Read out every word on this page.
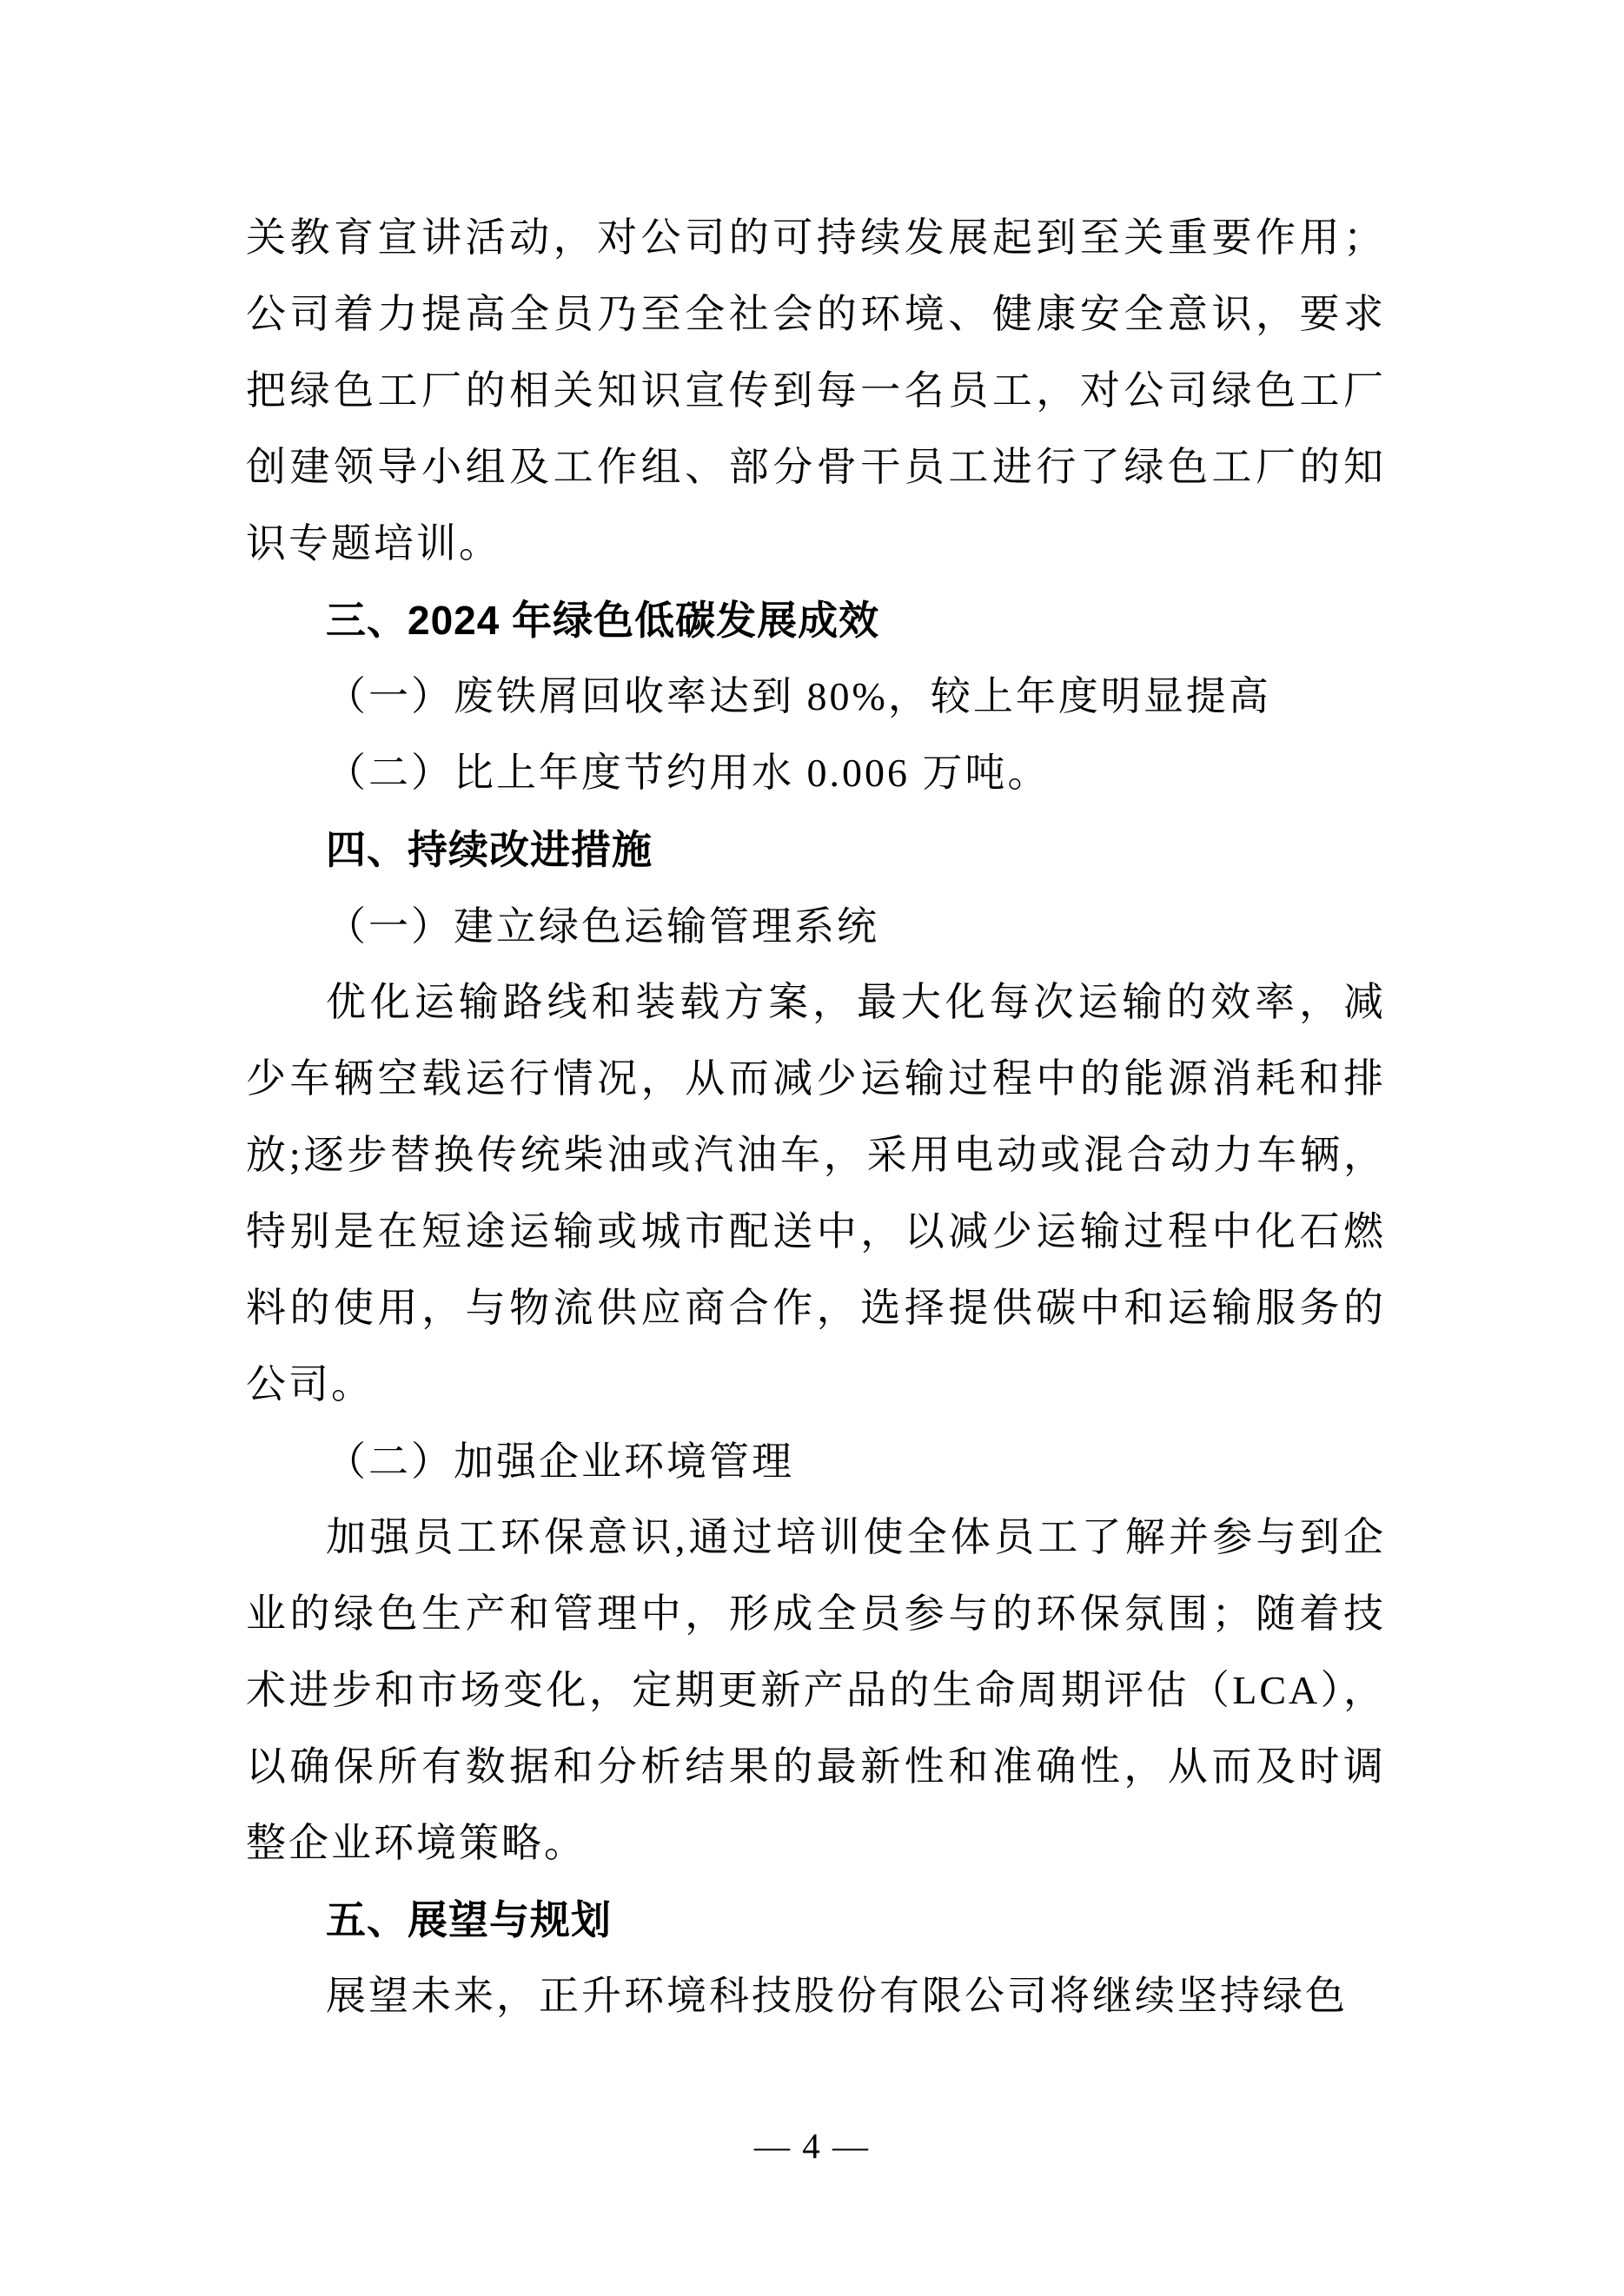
关教育宣讲活动，对公司的可持续发展起到至关重要作用；公司着力提高全员乃至全社会的环境、健康安全意识，要求把绿色工厂的相关知识宣传到每一名员工，对公司绿色工厂创建领导小组及工作组、部分骨干员工进行了绿色工厂的知识专题培训。

三、2024 年绿色低碳发展成效

（一）废铁屑回收率达到 80%，较上年度明显提高

（二）比上年度节约用水 0.006 万吨。

四、持续改进措施

（一）建立绿色运输管理系统

优化运输路线和装载方案，最大化每次运输的效率，减少车辆空载运行情况，从而减少运输过程中的能源消耗和排放;逐步替换传统柴油或汽油车，采用电动或混合动力车辆，特别是在短途运输或城市配送中，以减少运输过程中化石燃料的使用，与物流供应商合作，选择提供碳中和运输服务的公司。

（二）加强企业环境管理

加强员工环保意识,通过培训使全体员工了解并参与到企业的绿色生产和管理中，形成全员参与的环保氛围；随着技术进步和市场变化，定期更新产品的生命周期评估（LCA），以确保所有数据和分析结果的最新性和准确性，从而及时调整企业环境策略。

五、展望与规划

展望未来，正升环境科技股份有限公司将继续坚持绿色

— 4 —
